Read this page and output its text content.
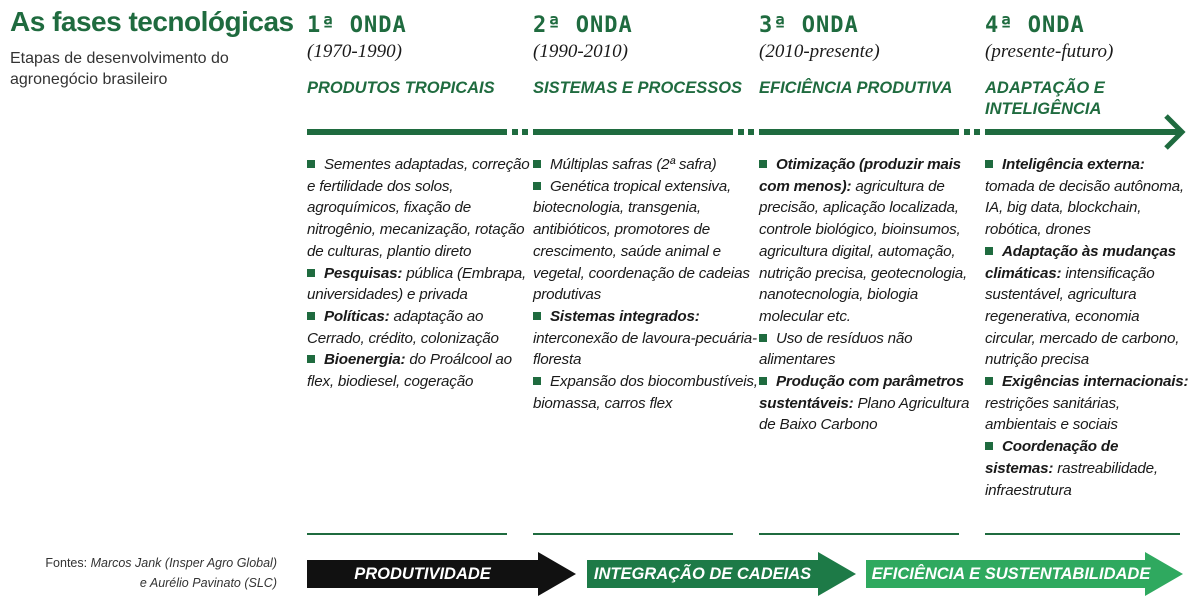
As fases tecnológicas
Etapas de desenvolvimento do agronegócio brasileiro
1ª ONDA
(1970-1990)
PRODUTOS TROPICAIS
2ª ONDA
(1990-2010)
SISTEMAS E PROCESSOS
3ª ONDA
(2010-presente)
EFICIÊNCIA PRODUTIVA
4ª ONDA
(presente-futuro)
ADAPTAÇÃO E INTELIGÊNCIA

Sementes adaptadas, correção e fertilidade dos solos, agroquímicos, fixação de nitrogênio, mecanização, rotação de culturas, plantio direto

Pesquisas: pública (Embrapa, universidades) e privada

Políticas: adaptação ao Cerrado, crédito, colonização

Bioenergia: do Proálcool ao flex, biodiesel, cogeração

Múltiplas safras (2ª safra)

Genética tropical extensiva, biotecnologia, transgenia, antibióticos, promotores de crescimento, saúde animal e vegetal, coordenação de cadeias produtivas

Sistemas integrados: interconexão de lavoura-pecuária-floresta

Expansão dos biocombustíveis, biomassa, carros flex

Otimização (produzir mais com menos): agricultura de precisão, aplicação localizada, controle biológico, bioinsumos, agricultura digital, automação, nutrição precisa, geotecnologia, nanotecnologia, biologia molecular etc.

Uso de resíduos não alimentares

Produção com parâmetros sustentáveis: Plano Agricultura de Baixo Carbono

Inteligência externa: tomada de decisão autônoma, IA, big data, blockchain, robótica, drones

Adaptação às mudanças climáticas: intensificação sustentável, agricultura regenerativa, economia circular, mercado de carbono, nutrição precisa

Exigências internacionais: restrições sanitárias, ambientais e sociais

Coordenação de sistemas: rastreabilidade, infraestrutura

Fontes: Marcos Jank (Insper Agro Global)
e Aurélio Pavinato (SLC)	PRODUTIVIDADE	INTEGRAÇÃO DE CADEIAS	EFICIÊNCIA E SUSTENTABILIDADE
